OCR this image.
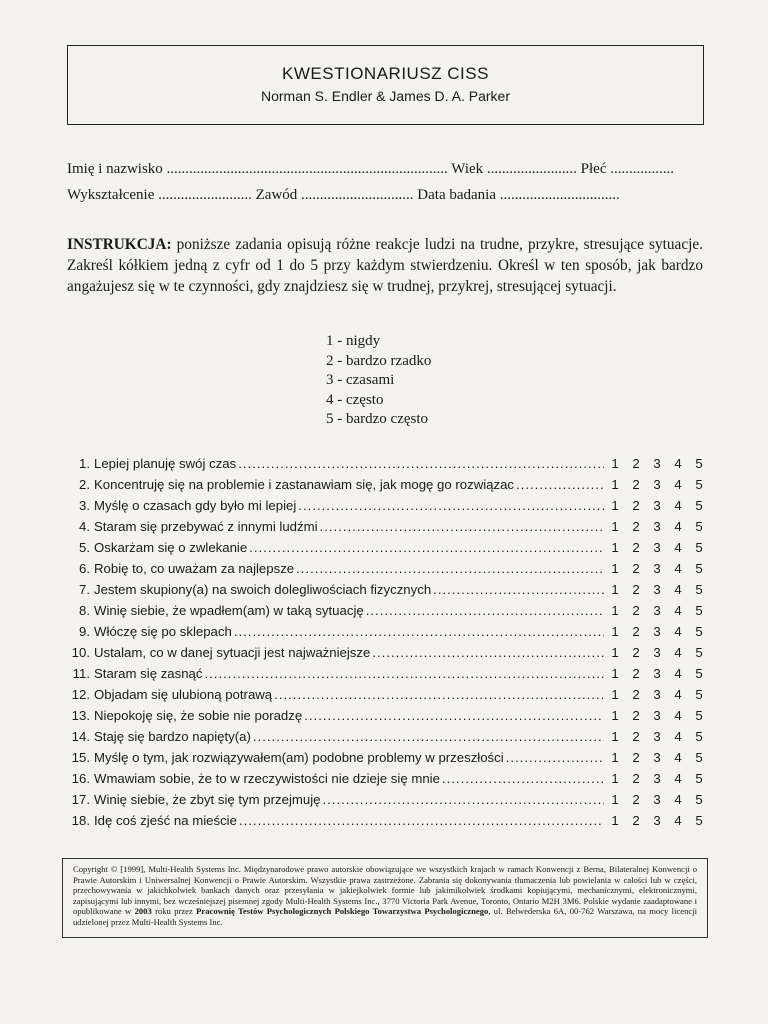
KWESTIONARIUSZ CISS
Norman S. Endler & James D. A. Parker
Imię i nazwisko ........................................................................... Wiek ........................ Płeć .................
Wykształcenie ......................... Zawód .............................. Data badania ................................
INSTRUKCJA: poniższe zadania opisują różne reakcje ludzi na trudne, przykre, stresujące sytuacje. Zakreśl kółkiem jedną z cyfr od 1 do 5 przy każdym stwierdzeniu. Określ w ten sposób, jak bardzo angażujesz się w te czynności, gdy znajdziesz się w trudnej, przykrej, stresującej sytuacji.
1 - nigdy
2 - bardzo rzadko
3 - czasami
4 - często
5 - bardzo często
1. Lepiej planuję swój czas .....	1	2	3	4	5
2. Koncentruję się na problemie i zastanawiam się, jak mogę go rozwiązac .....	1	2	3	4	5
3. Myślę o czasach gdy było mi lepiej .....	1	2	3	4	5
4. Staram się przebywać z innymi ludźmi .....	1	2	3	4	5
5. Oskarżam się o zwlekanie .....	1	2	3	4	5
6. Robię to, co uważam za najlepsze .....	1	2	3	4	5
7. Jestem skupiony(a) na swoich dolegliwościach fizycznych .....	1	2	3	4	5
8. Winię siebie, że wpadłem(am) w taką sytuację .....	1	2	3	4	5
9. Włóczę się po sklepach .....	1	2	3	4	5
10. Ustalam, co w danej sytuacji jest najważniejsze .....	1	2	3	4	5
11. Staram się zasnąć .....	1	2	3	4	5
12. Objadam się ulubioną potrawą .....	1	2	3	4	5
13. Niepokoję się, że sobie nie poradzę .....	1	2	3	4	5
14. Staję się bardzo napięty(a) .....	1	2	3	4	5
15. Myślę o tym, jak rozwiązywałem(am) podobne problemy w przeszłości .....	1	2	3	4	5
16. Wmawiam sobie, że to w rzeczywistości nie dzieje się mnie .....	1	2	3	4	5
17. Winię siebie, że zbyt się tym przejmuję .....	1	2	3	4	5
18. Idę coś zjeść na mieście .....	1	2	3	4	5
Copyright © [1999], Multi-Health Systems Inc. Międzynarodowe prawo autorskie obowiązujące we wszystkich krajach w ramach Konwencji z Berna, Bilateralnej Konwencji o Prawie Autorskim i Uniwersalnej Konwencji o Prawie Autorskim. Wszystkie prawa zastrzeżone. Zabrania się dokonywania tłumaczenia lub powielania w całości lub w części, przechowywania w jakichkolwiek bankach danych oraz przesyłania w jakiejkolwiek formie lub jakimikolwiek środkami kopiującymi, mechanicznymi, elektronicznymi, zapisującymi lub innymi, bez wcześniejszej pisemnej zgody Multi-Health Systems Inc., 3770 Victoria Park Avenue, Toronto, Ontario M2H 3M6. Polskie wydanie zaadaptowane i opublikowane w 2003 roku przez Pracownię Testów Psychologicznych Polskiego Towarzystwa Psychologicznego, ul. Belwederska 6A, 00-762 Warszawa, na mocy licencji udzielonej przez Multi-Health Systems Inc.
